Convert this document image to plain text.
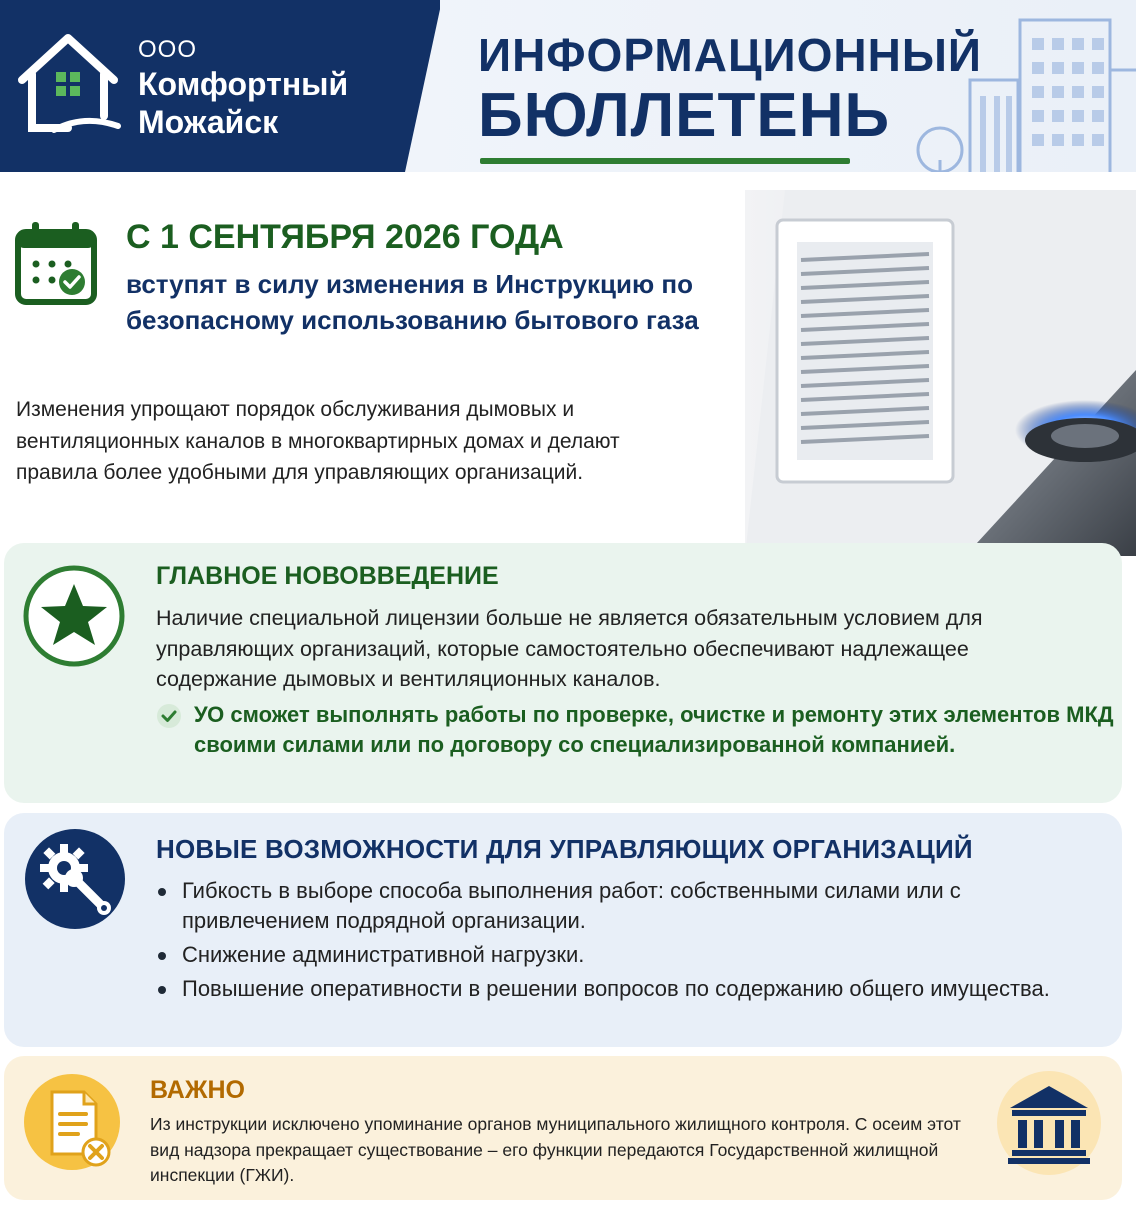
ООО
Комфортный
Можайск
ИНФОРМАЦИОННЫЙ
БЮЛЛЕТЕНЬ
С 1 СЕНТЯБРЯ 2026 ГОДА
вступят в силу изменения в Инструкцию по безопасному использованию бытового газа
Изменения упрощают порядок обслуживания дымовых и вентиляционных каналов в многоквартирных домах и делают правила более удобными для управляющих организаций.
ГЛАВНОЕ НОВОВВЕДЕНИЕ
Наличие специальной лицензии больше не является обязательным условием для управляющих организаций, которые самостоятельно обеспечивают надлежащее содержание дымовых и вентиляционных каналов.
УО сможет выполнять работы по проверке, очистке и ремонту этих элементов МКД своими силами или по договору со специализированной компанией.
НОВЫЕ ВОЗМОЖНОСТИ ДЛЯ УПРАВЛЯЮЩИХ ОРГАНИЗАЦИЙ
Гибкость в выборе способа выполнения работ: собственными силами или с привлечением подрядной организации.
Снижение административной нагрузки.
Повышение оперативности в решении вопросов по содержанию общего имущества.
ВАЖНО
Из инструкции исключено упоминание органов муниципального жилищного контроля. С осеим этот вид надзора прекращает существование – его функции передаются Государственной жилищной инспекции (ГЖИ).
